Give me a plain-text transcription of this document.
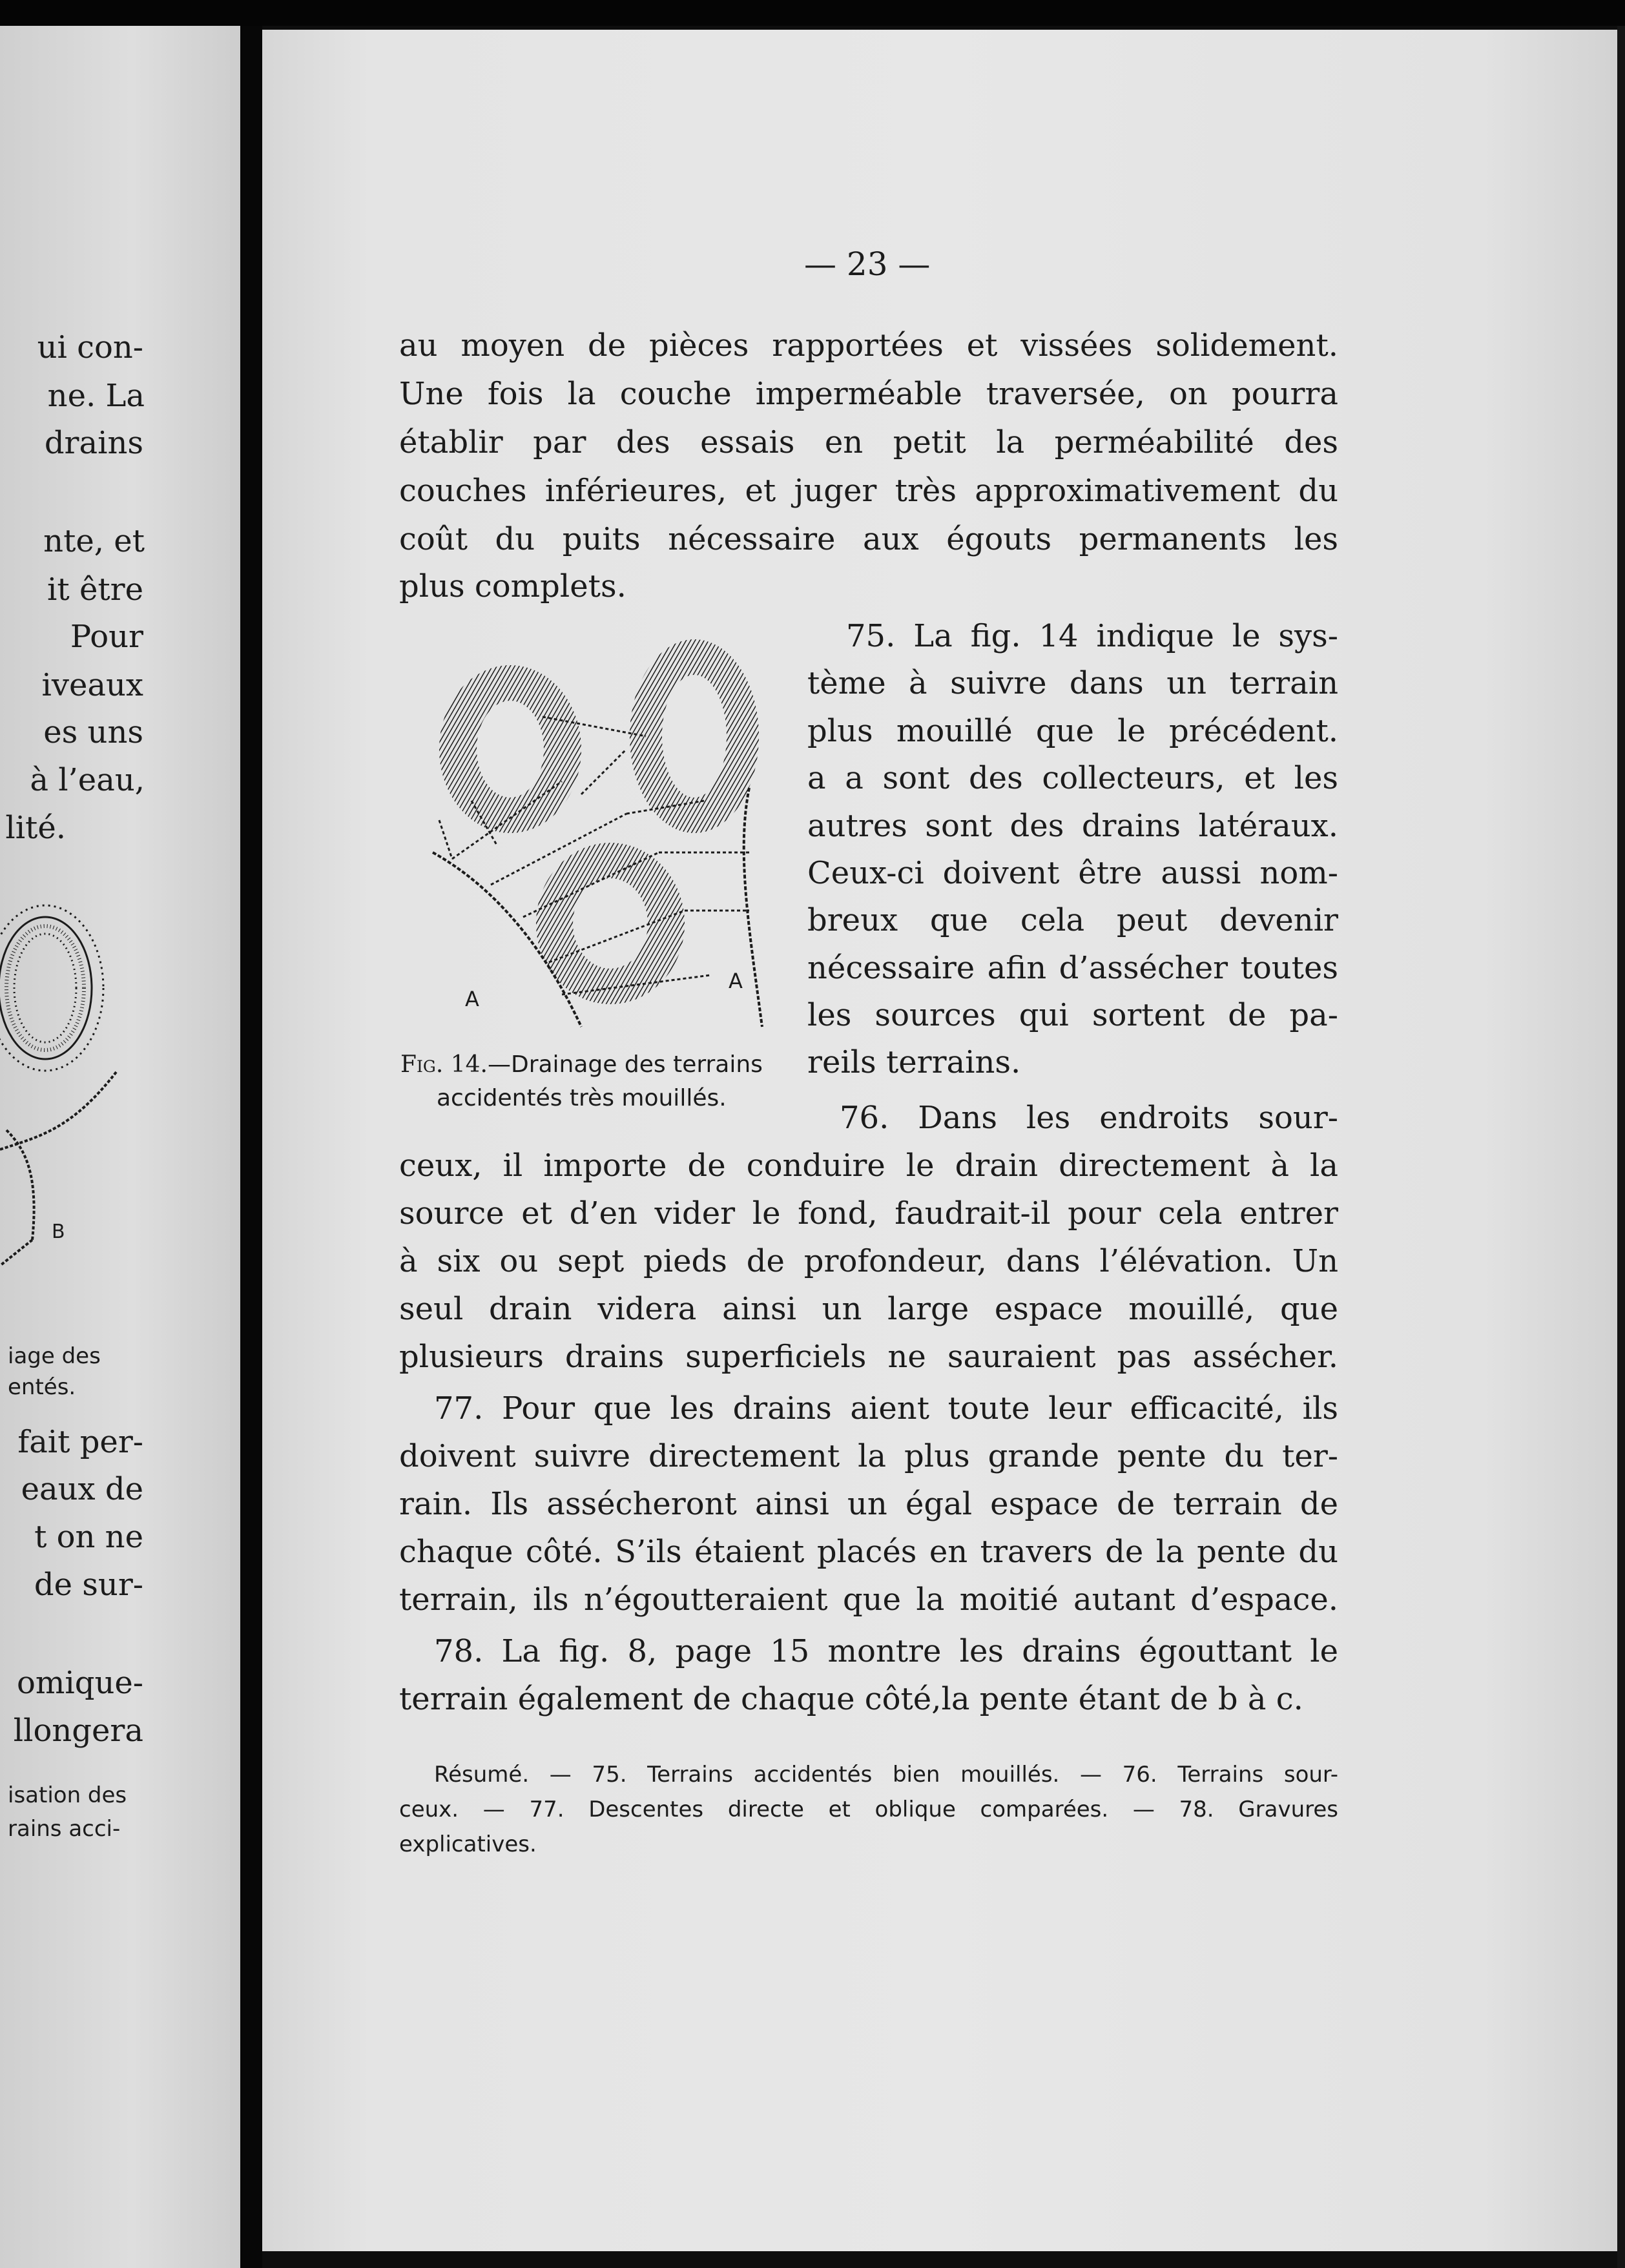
ui con-
ne. La
drains
nte, et
it être
Pour
iveaux
es uns
à l’eau,
lité.
B
iage des
entés.
fait per-
eaux de
t on ne
de sur-
omique-
llongera
isation des
rains acci-
— 23 —
au moyen de pièces rapportées et vissées solidement.
Une fois la couche imperméable traversée, on pourra
établir par des essais en petit la perméabilité des
couches inférieures, et juger très approximativement du
coût du puits nécessaire aux égouts permanents les
plus complets.
75. La fig. 14 indique le sys-
tème à suivre dans un terrain
plus mouillé que le précédent.
a a sont des collecteurs, et les
autres sont des drains latéraux.
Ceux-ci doivent être aussi nom-
breux que cela peut devenir
nécessaire afin d’assécher toutes
les sources qui sortent de pa-
reils terrains.
A
A
Fig. 14.—Drainage des terrains
accidentés très mouillés.
76. Dans les endroits sour-
ceux, il importe de conduire le drain directement à la
source et d’en vider le fond, faudrait-il pour cela entrer
à six ou sept pieds de profondeur, dans l’élévation. Un
seul drain videra ainsi un large espace mouillé, que
plusieurs drains superficiels ne sauraient pas assécher.
77. Pour que les drains aient toute leur efficacité, ils
doivent suivre directement la plus grande pente du ter-
rain. Ils assécheront ainsi un égal espace de terrain de
chaque côté. S’ils étaient placés en travers de la pente du
terrain, ils n’égoutteraient que la moitié autant d’espace.
78. La fig. 8, page 15 montre les drains égouttant le
terrain également de chaque côté,la pente étant de b à c.
Résumé. — 75. Terrains accidentés bien mouillés. — 76. Terrains sour-
ceux. — 77. Descentes directe et oblique comparées. — 78. Gravures
explicatives.
